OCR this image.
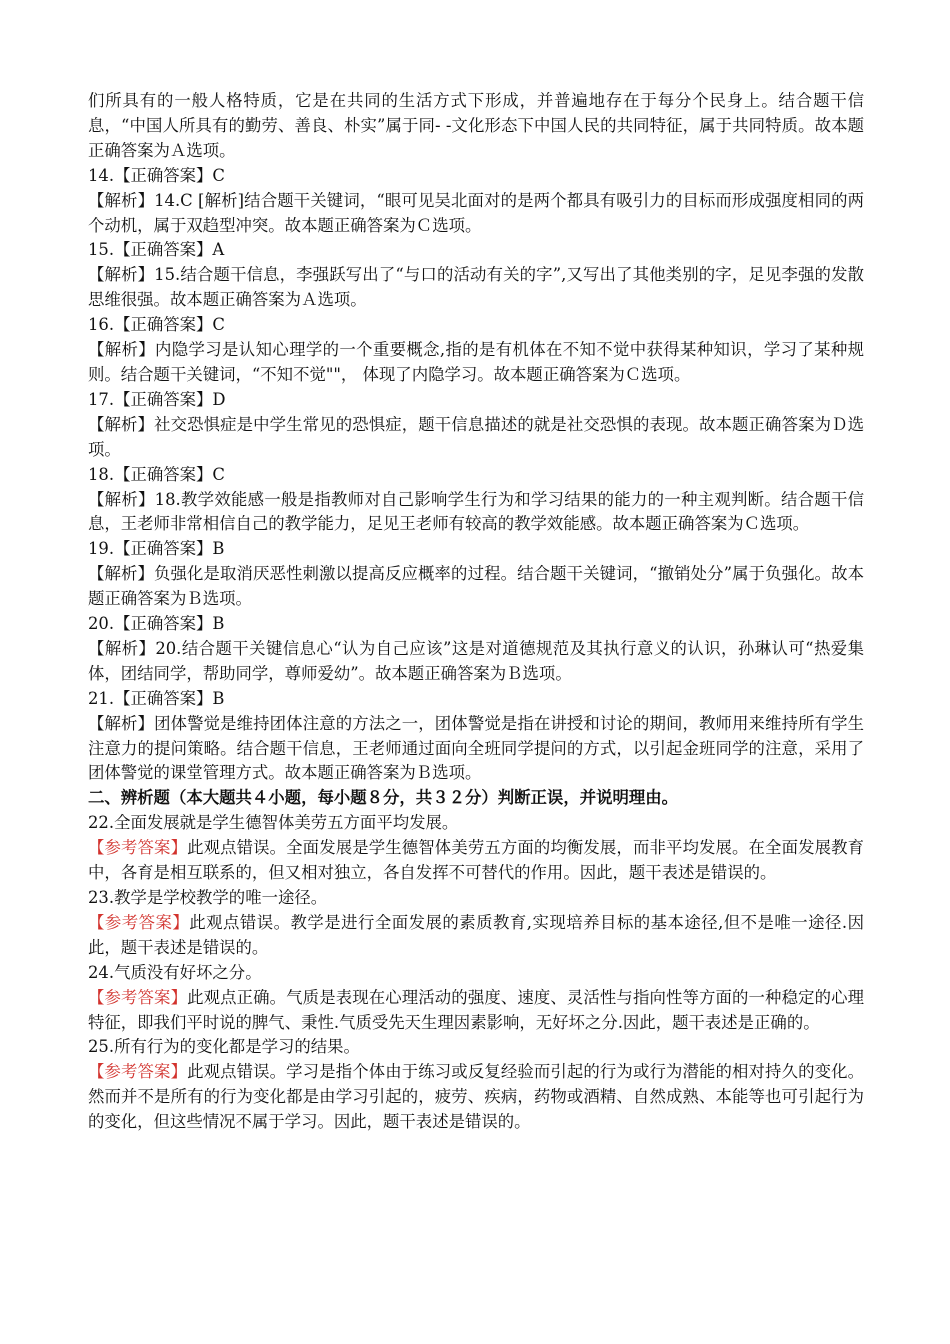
们所具有的一般人格特质，它是在共同的生活方式下形成，并普遍地存在于每分个民身上。结合题干信息，“中国人所具有的勤劳、善良、朴实”属于同- -文化形态下中国人民的共同特征，属于共同特质。故本题正确答案为Ａ选项。

14.【正确答案】C

【解析】14.C [解析]结合题干关键词，“眼可见吴北面对的是两个都具有吸引力的目标而形成强度相同的两个动机，属于双趋型冲突。故本题正确答案为Ｃ选项。

15.【正确答案】A

【解析】15.结合题干信息，李强跃写出了“与口的活动有关的字”,又写出了其他类别的字，足见李强的发散思维很强。故本题正确答案为Ａ选项。

16.【正确答案】C

【解析】内隐学习是认知心理学的一个重要概念,指的是有机体在不知不觉中获得某种知识，学习了某种规则。结合题干关键词，“不知不觉""， 体现了内隐学习。故本题正确答案为Ｃ选项。

17.【正确答案】D

【解析】社交恐惧症是中学生常见的恐惧症，题干信息描述的就是社交恐惧的表现。故本题正确答案为Ｄ选项。

18.【正确答案】C

【解析】18.教学效能感一般是指教师对自己影响学生行为和学习结果的能力的一种主观判断。结合题干信息，王老师非常相信自己的教学能力，足见王老师有较高的教学效能感。故本题正确答案为Ｃ选项。

19.【正确答案】B

【解析】负强化是取消厌恶性刺激以提高反应概率的过程。结合题干关键词，“撤销处分”属于负强化。故本题正确答案为Ｂ选项。

20.【正确答案】B

【解析】20.结合题干关键信息心“认为自己应该”这是对道德规范及其执行意义的认识，孙琳认可“热爱集体，团结同学，帮助同学，尊师爱幼”。故本题正确答案为Ｂ选项。

21.【正确答案】B

【解析】团体警觉是维持团体注意的方法之一，团体警觉是指在讲授和讨论的期间，教师用来维持所有学生注意力的提问策略。结合题干信息，王老师通过面向全班同学提问的方式，以引起金班同学的注意，采用了团体警觉的课堂管理方式。故本题正确答案为Ｂ选项。

二、辨析题（本大题共４小题，每小题８分，共３２分）判断正误，并说明理由。

22.全面发展就是学生德智体美劳五方面平均发展。

【参考答案】此观点错误。全面发展是学生德智体美劳五方面的均衡发展，而非平均发展。在全面发展教育中，各育是相互联系的，但又相对独立，各自发挥不可替代的作用。因此，题干表述是错误的。

23.教学是学校教学的唯一途径。

【参考答案】此观点错误。教学是进行全面发展的素质教育,实现培养目标的基本途径,但不是唯一途径.因此，题干表述是错误的。

24.气质没有好坏之分。

【参考答案】此观点正确。气质是表现在心理活动的强度、速度、灵活性与指向性等方面的一种稳定的心理特征，即我们平时说的脾气、秉性.气质受先天生理因素影响，无好坏之分.因此，题干表述是正确的。

25.所有行为的变化都是学习的结果。

【参考答案】此观点错误。学习是指个体由于练习或反复经验而引起的行为或行为潜能的相对持久的变化。然而并不是所有的行为变化都是由学习引起的，疲劳、疾病，药物或酒精、自然成熟、本能等也可引起行为的变化，但这些情况不属于学习。因此，题干表述是错误的。
